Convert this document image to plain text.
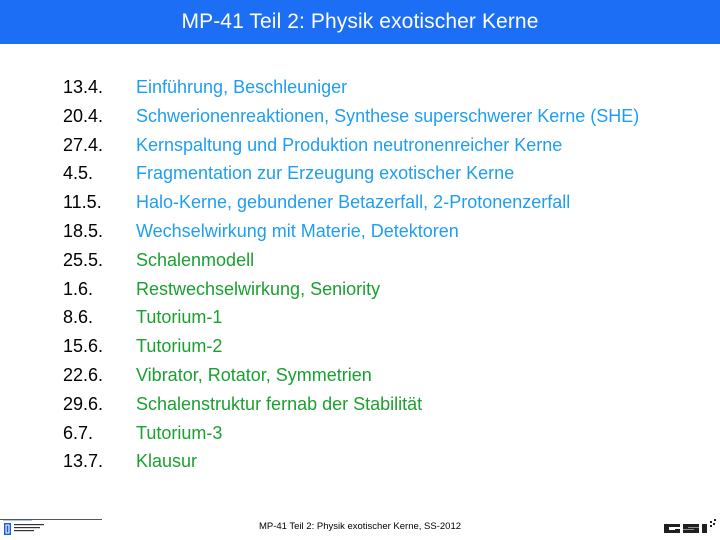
MP-41 Teil 2: Physik exotischer Kerne
13.4. Einführung, Beschleuniger
20.4. Schwerionenreaktionen, Synthese superschwerer Kerne (SHE)
27.4. Kernspaltung und Produktion neutronenreicher Kerne
4.5. Fragmentation zur Erzeugung exotischer Kerne
11.5. Halo-Kerne, gebundener Betazerfall, 2-Protonenzerfall
18.5. Wechselwirkung mit Materie, Detektoren
25.5. Schalenmodell
1.6. Restwechselwirkung, Seniority
8.6. Tutorium-1
15.6. Tutorium-2
22.6. Vibrator, Rotator, Symmetrien
29.6. Schalenstruktur fernab der Stabilität
6.7. Tutorium-3
13.7. Klausur
MP-41 Teil 2: Physik exotischer Kerne, SS-2012
